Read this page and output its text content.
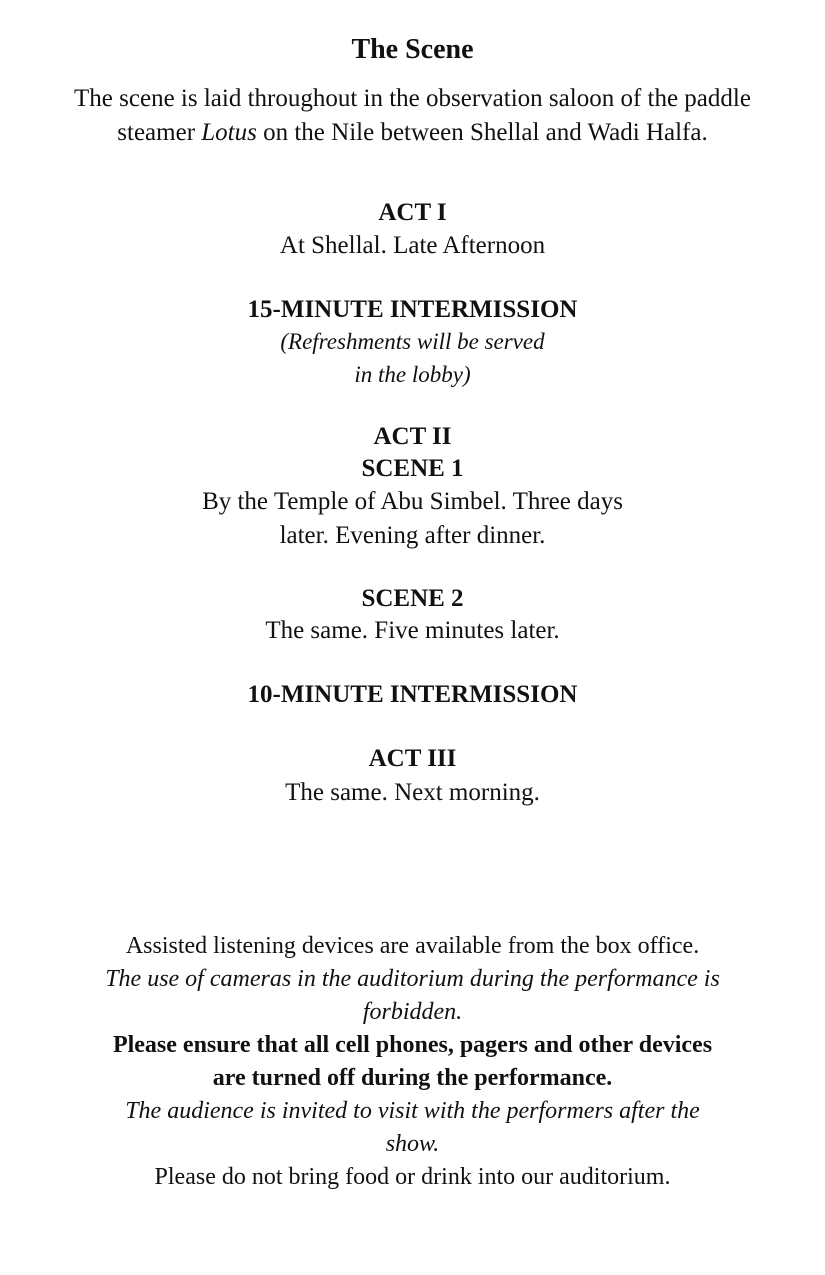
The Scene
The scene is laid throughout in the observation saloon of the paddle
steamer Lotus on the Nile between Shellal and Wadi Halfa.
ACT I
At Shellal. Late Afternoon
15-MINUTE INTERMISSION
(Refreshments will be served
in the lobby)
ACT II
SCENE 1
By the Temple of Abu Simbel. Three days
later. Evening after dinner.
SCENE 2
The same. Five minutes later.
10-MINUTE INTERMISSION
ACT III
The same. Next morning.
Assisted listening devices are available from the box office.
The use of cameras in the auditorium during the performance is
forbidden.
Please ensure that all cell phones, pagers and other devices
are turned off during the performance.
The audience is invited to visit with the performers after the
show.
Please do not bring food or drink into our auditorium.
